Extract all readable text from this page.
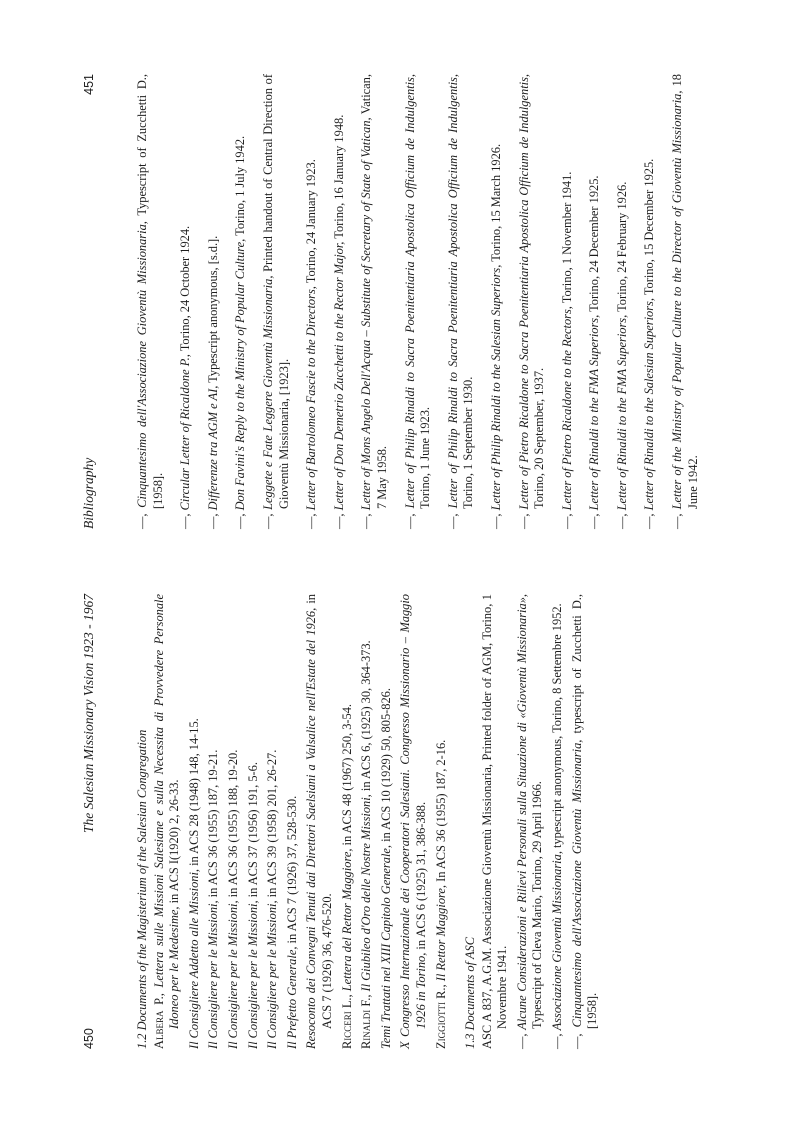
450
The Salesian Missionary Vision 1923 - 1967
1.2 Documents of the Magisterium of the Salesian Congregation Albera P., Lettera sulle Missioni Salesiane e sulla Necessita di Provvedere Personale Idoneo per le Medesime, in ACS I(1920) 2, 26-33.
Il Consigliere Addetto alle Missioni, in ACS 28 (1948) 148, 14-15.
Il Consigliere per le Missioni, in ACS 36 (1955) 187, 19-21.
Il Consigliere per le Missioni, in ACS 36 (1955) 188, 19-20.
Il Consigliere per le Missioni, in ACS 37 (1956) 191, 5-6.
Il Consigliere per le Missioni, in ACS 39 (1958) 201, 26-27.
Il Prefetto Generale, in ACS 7 (1926) 37, 528-530. Resoconto dei Convegni Tenuti dai Direttori Saelsiani a Valsalice nell'Estate del 1926, in ACS 7 (1926) 36, 476-520. Ricceri L., Lettera del Rettor Maggiore, in ACS 48 (1967) 250, 3-54.
Rinaldi F., Il Giubileo d'Oro delle Nostre Missioni, in ACS 6, (1925) 30, 364-373.
Temi Trattati nel XIII Capitolo Generale, in ACS 10 (1929) 50, 805-826. X Congresso Internazionale dei Cooperatori Salesiani. Congresso Missionario – Maggio 1926 in Torino, in ACS 6 (1925) 31, 386-388.
Ziggiotti R., Il Rettor Maggiore, In ACS 36 (1955) 187, 2-16.
1.3 Documents of ASC ASC A 837, A.G.M. Associazione Gioventù Missionaria, Printed folder of AGM, Torino, 1 Novembre 1941.
—, Alcune Considerazioni e Rilievi Personali sulla Situazione di «Gioventù Missionaria», Typescript of Cleva Mario, Torino, 29 April 1966.
—, Associazione Gioventù Missionaria, typescript anonymous, Torino, 8 Settembre 1952.
—, Cinquantesimo dell'Associazione Gioventù Missionaria, typescript of Zucchetti D., [1958].
Bibliography
451
—, Cinquantesimo dell'Associazione Gioventù Missionaria, Typescript of Zucchetti D., [1958].
—, Circular Letter of Ricaldone P., Torino, 24 October 1924.
—, Differenze tra AGM e AI, Typescript anonymous, [s.d.].
—, Don Favini's Reply to the Ministry of Popular Culture, Torino, 1 July 1942.
—, Leggete e Fate Leggere Gioventù Missionaria, Printed handout of Central Direction of Gioventù Missionaria, [1923].
—, Letter of Bartolomeo Fascie to the Directors, Torino, 24 January 1923.
—, Letter of Don Demetrio Zucchetti to the Rector Major, Torino, 16 January 1948.
—, Letter of Mons Angelo Dell'Acqua – Substitute of Secretary of State of Vatican, Vatican, 7 May 1958.
—, Letter of Philip Rinaldi to Sacra Poenitentiaria Apostolica Officium de Indulgentis, Torino, 1 June 1923.
—, Letter of Philip Rinaldi to Sacra Poenitentiaria Apostolica Officium de Indulgentis, Torino, 1 September 1930.
—, Letter of Philip Rinaldi to the Salesian Superiors, Torino, 15 March 1926.
—, Letter of Pietro Ricaldone to Sacra Poenitentiaria Apostolica Officium de Indulgentis, Torino, 20 September, 1937.
—, Letter of Pietro Ricaldone to the Rectors, Torino, 1 November 1941.
—, Letter of Rinaldi to the FMA Superiors, Torino, 24 December 1925.
—, Letter of Rinaldi to the FMA Superiors, Torino, 24 February 1926.
—, Letter of Rinaldi to the Salesian Superiors, Torino, 15 December 1925.
—, Letter of the Ministry of Popular Culture to the Director of Gioventù Missionaria, 18 June 1942.
